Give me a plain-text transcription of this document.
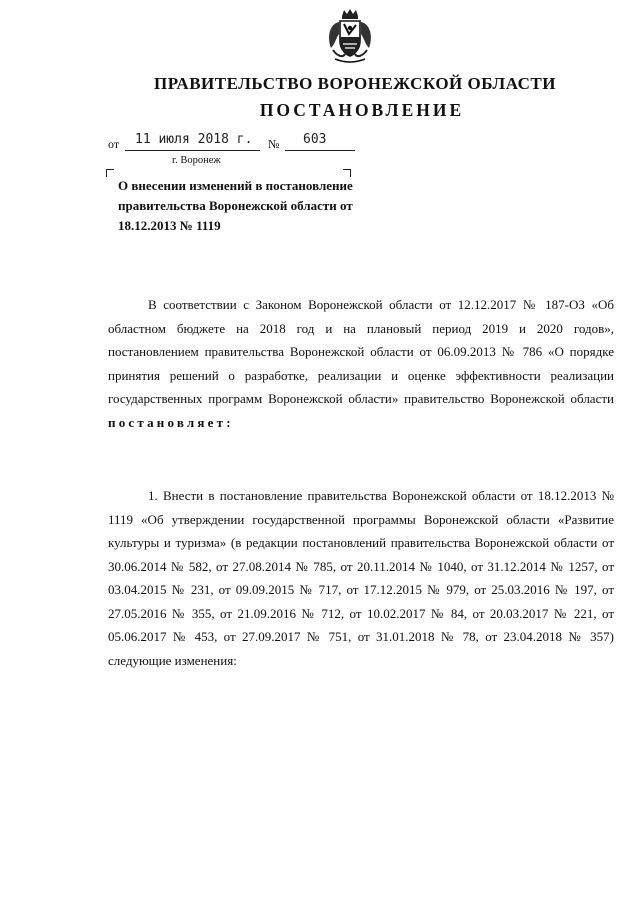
ПРАВИТЕЛЬСТВО ВОРОНЕЖСКОЙ ОБЛАСТИ
ПОСТАНОВЛЕНИЕ
от 11 июля 2018 г. № 603
г. Воронеж
О внесении изменений в постановление правительства Воронежской области от 18.12.2013 № 1119

В соответствии с Законом Воронежской области от 12.12.2017 № 187-ОЗ «Об областном бюджете на 2018 год и на плановый период 2019 и 2020 годов», постановлением правительства Воронежской области от 06.09.2013 № 786 «О порядке принятия решений о разработке, реализации и оценке эффективности реализации государственных программ Воронежской области» правительство Воронежской области постановляет:

1. Внести в постановление правительства Воронежской области от 18.12.2013 № 1119 «Об утверждении государственной программы Воронежской области «Развитие культуры и туризма» (в редакции постановлений правительства Воронежской области от 30.06.2014 № 582, от 27.08.2014 № 785, от 20.11.2014 № 1040, от 31.12.2014 № 1257, от 03.04.2015 № 231, от 09.09.2015 № 717, от 17.12.2015 № 979, от 25.03.2016 № 197, от 27.05.2016 № 355, от 21.09.2016 № 712, от 10.02.2017 № 84, от 20.03.2017 № 221, от 05.06.2017 № 453, от 27.09.2017 № 751, от 31.01.2018 № 78, от 23.04.2018 № 357) следующие изменения:
